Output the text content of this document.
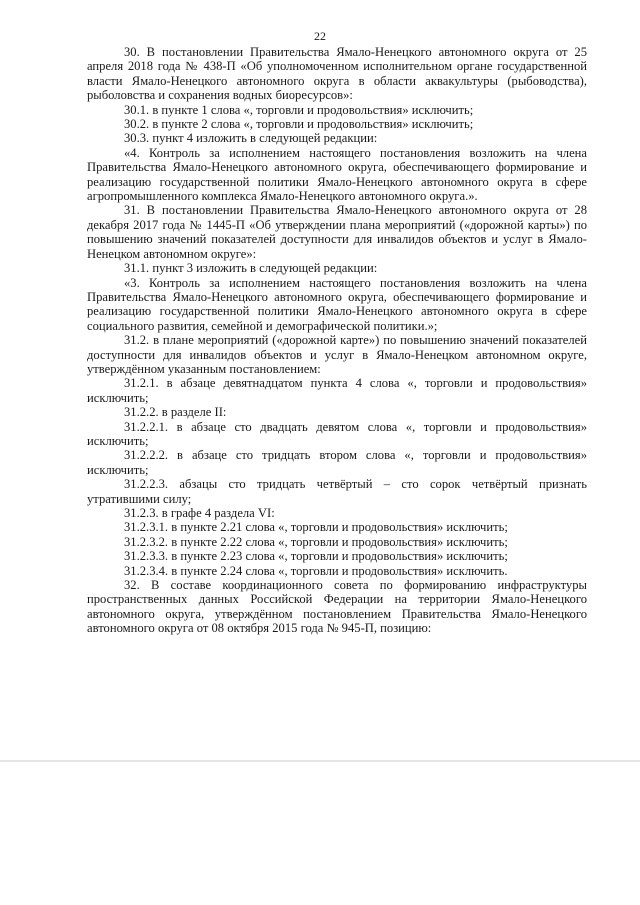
22

30. В постановлении Правительства Ямало-Ненецкого автономного округа от 25 апреля 2018 года № 438-П «Об уполномоченном исполнительном органе государственной власти Ямало-Ненецкого автономного округа в области аквакультуры (рыбоводства), рыболовства и сохранения водных биоресурсов»:

30.1. в пункте 1 слова «, торговли и продовольствия» исключить;

30.2. в пункте 2 слова «, торговли и продовольствия» исключить;

30.3. пункт 4 изложить в следующей редакции:

«4. Контроль за исполнением настоящего постановления возложить на члена Правительства Ямало-Ненецкого автономного округа, обеспечивающего формирование и реализацию государственной политики Ямало-Ненецкого автономного округа в сфере агропромышленного комплекса Ямало-Ненецкого автономного округа.».

31. В постановлении Правительства Ямало-Ненецкого автономного округа от 28 декабря 2017 года № 1445-П «Об утверждении плана мероприятий («дорожной карты») по повышению значений показателей доступности для инвалидов объектов и услуг в Ямало-Ненецком автономном округе»:

31.1. пункт 3 изложить в следующей редакции:

«3. Контроль за исполнением настоящего постановления возложить на члена Правительства Ямало-Ненецкого автономного округа, обеспечивающего формирование и реализацию государственной политики Ямало-Ненецкого автономного округа в сфере социального развития, семейной и демографической политики.»;

31.2. в плане мероприятий («дорожной карте») по повышению значений показателей доступности для инвалидов объектов и услуг в Ямало-Ненецком автономном округе, утверждённом указанным постановлением:

31.2.1. в абзаце девятнадцатом пункта 4 слова «, торговли и продовольствия» исключить;

31.2.2. в разделе II:

31.2.2.1. в абзаце сто двадцать девятом слова «, торговли и продовольствия» исключить;

31.2.2.2. в абзаце сто тридцать втором слова «, торговли и продовольствия» исключить;

31.2.2.3. абзацы сто тридцать четвёртый – сто сорок четвёртый признать утратившими силу;

31.2.3. в графе 4 раздела VI:

31.2.3.1. в пункте 2.21 слова «, торговли и продовольствия» исключить;

31.2.3.2. в пункте 2.22 слова «, торговли и продовольствия» исключить;

31.2.3.3. в пункте 2.23 слова «, торговли и продовольствия» исключить;

31.2.3.4. в пункте 2.24 слова «, торговли и продовольствия» исключить.

32. В составе координационного совета по формированию инфраструктуры пространственных данных Российской Федерации на территории Ямало-Ненецкого автономного округа, утверждённом постановлением Правительства Ямало-Ненецкого автономного округа от 08 октября 2015 года № 945-П, позицию:
